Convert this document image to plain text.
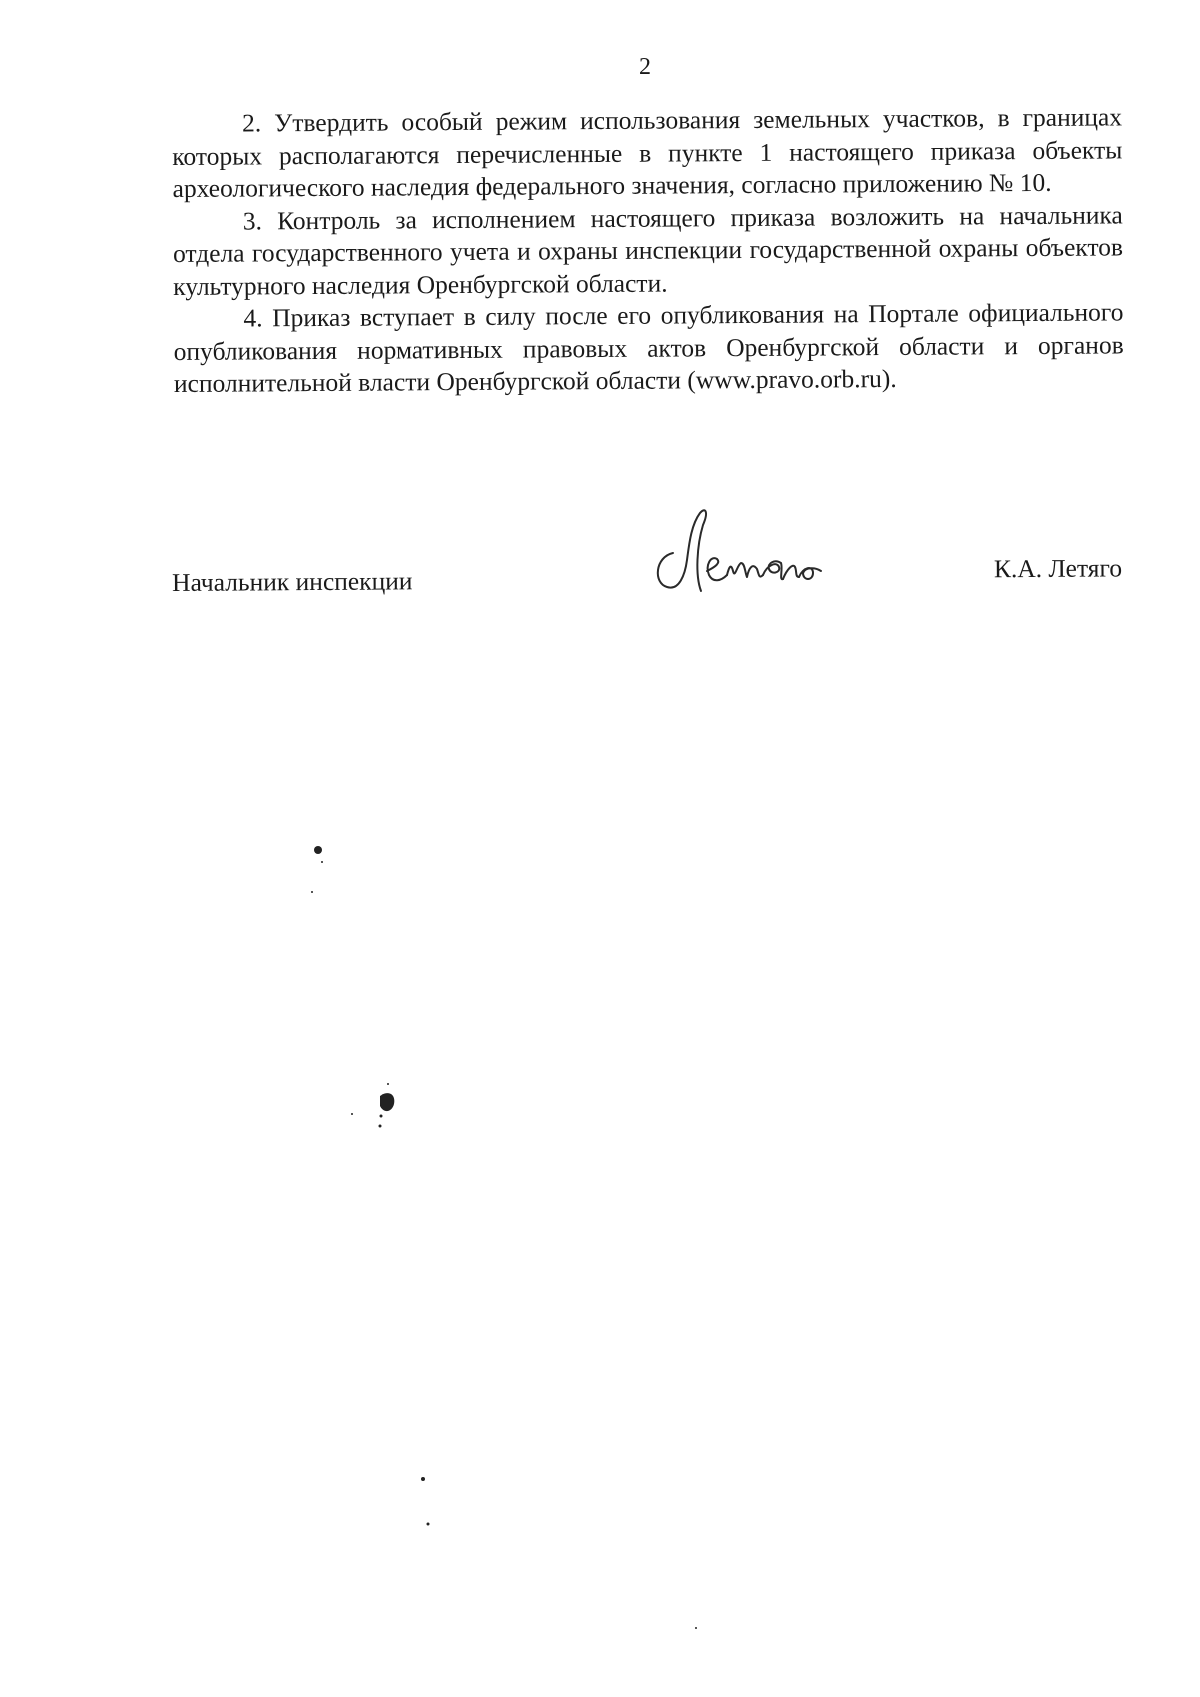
2

2. Утвердить особый режим использования земельных участков, в границах которых располагаются перечисленные в пункте 1 настоящего приказа объекты археологического наследия федерального значения, согласно приложению № 10.

3. Контроль за исполнением настоящего приказа возложить на начальника отдела государственного учета и охраны инспекции государственной охраны объектов культурного наследия Оренбургской области.

4. Приказ вступает в силу после его опубликования на Портале официального опубликования нормативных правовых актов Оренбургской области и органов исполнительной власти Оренбургской области (www.pravo.orb.ru).

Начальник инспекции	К.А. Летяго
